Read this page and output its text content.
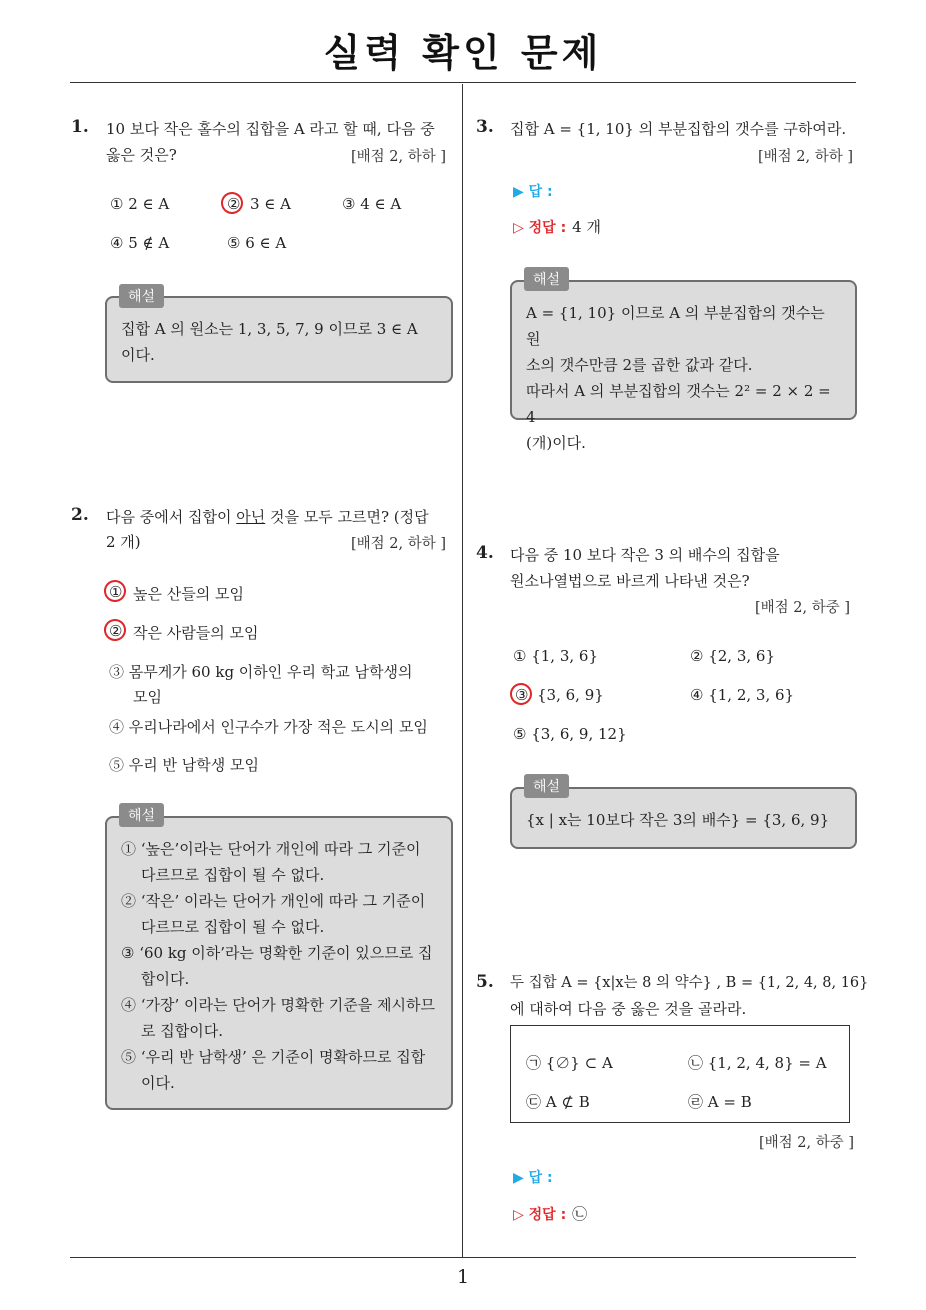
실력 확인 문제
1
1. 10 보다 작은 홀수의 집합을 A 라고 할 때, 다음 중
옳은 것은?	[배점 2, 하하 ]
① 2 ∈ A	② 3 ∈ A	③ 4 ∈ A
④ 5 ∉ A	⑤ 6 ∈ A
집합 A 의 원소는 1, 3, 5, 7, 9 이므로 3 ∈ A
이다.
해설
2. 다음 중에서 집합이 아닌 것을 모두 고르면? (정답
2 개)	[배점 2, 하하 ]
① 높은 산들의 모임
② 작은 사람들의 모임
③ 몸무게가 60 kg 이하인 우리 학교 남학생의
모임
④ 우리나라에서 인구수가 가장 적은 도시의 모임
⑤ 우리 반 남학생 모임
① ‘높은’이라는 단어가 개인에 따라 그 기준이
다르므로 집합이 될 수 없다.
② ‘작은’ 이라는 단어가 개인에 따라 그 기준이
다르므로 집합이 될 수 없다.
③ ‘60 kg 이하’라는 명확한 기준이 있으므로 집
합이다.
④ ‘가장’ 이라는 단어가 명확한 기준을 제시하므
로 집합이다.
⑤ ‘우리 반 남학생’ 은 기준이 명확하므로 집합
이다.
해설
3. 집합 A = {1, 10} 의 부분집합의 갯수를 구하여라.
[배점 2, 하하 ]
▶ 답 :
▷ 정답 : 4 개
A = {1, 10} 이므로 A 의 부분집합의 갯수는 원
소의 갯수만큼 2를 곱한 값과 같다.
따라서 A 의 부분집합의 갯수는 2² = 2 × 2 = 4
(개)이다.
해설
4. 다음 중 10 보다 작은 3 의 배수의 집합을
원소나열법으로 바르게 나타낸 것은?
[배점 2, 하중 ]
① {1, 3, 6}	② {2, 3, 6}
③ {3, 6, 9}	④ {1, 2, 3, 6}
⑤ {3, 6, 9, 12}
{x | x는 10보다 작은 3의 배수} = {3, 6, 9}
해설
5. 두 집합 A = {x|x는 8 의 약수} , B = {1, 2, 4, 8, 16}
에 대하여 다음 중 옳은 것을 골라라.
㉠ {∅} ⊂ A	㉡ {1, 2, 4, 8} = A
㉢ A ⊄ B	㉣ A = B
[배점 2, 하중 ]
▶ 답 :
▷ 정답 : ㉡
